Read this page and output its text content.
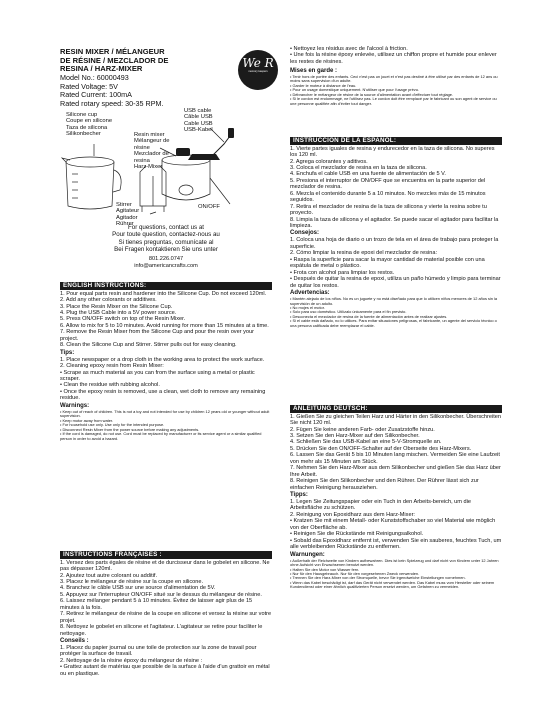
RESIN MIXER / MÉLANGEUR
DE RÉSINE / MEZCLADOR DE
RESINA / HARZ-MIXER
Model No.: 60000493
Rated Voltage: 5V
Rated Current: 100mA
Rated rotary speed: 30-35 RPM.
We R
memory keepers
Silicone cup
Coupe en silicone
Taza de silicona
Silikonbecher	Resin mixer
Mélangeur de
résine
Mezclador de
resina
Harz-Mixer
USB cable
Câble USB
Cable USB
USB-Kabel
Stirrer
Agitateur
Agitador
Rührer
ON/OFF

For questions, contact us at

Pour toute question, contactez-nous au

Si tienes preguntas, comunícate al

Bei Fragen kontaktieren Sie uns unter

801.226.0747

info@americancrafts.com

ENGLISH INSTRUCTIONS:

1. Pour equal parts resin and hardener into the Silicone Cup. Do not exceed 120ml.

2. Add any other colorants or additives.

3. Place the Resin Mixer on the Silicone Cup.

4. Plug the USB Cable into a 5V power source.

5. Press ON/OFF switch on top of the Resin Mixer.

6. Allow to mix for 5 to 10 minutes. Avoid running for more than 15 minutes at a time.

7. Remove the Resin Mixer from the Silicone Cup and pour the resin over your project.

8. Clean the Silicone Cup and Stirrer. Stirrer pulls out for easy cleaning.

Tips:

1. Place newspaper or a drop cloth in the working area to protect the work surface.

2. Cleaning epoxy resin from Resin Mixer:

• Scrape as much material as you can from the surface using a metal or plastic scraper.

• Clean the residue with rubbing alcohol.

• Once the epoxy resin is removed, use a clean, wet cloth to remove any remaining residue.

Warnings:

• Keep out of reach of children. This is not a toy and not intended for use by children 12 years old or younger without adult supervision.

• Keep motor away from water.

• For household use only. Use only for the intended purpose.

• Disconnect Resin Mixer from the power source before making any adjustments.

• If the cord is damaged, do not use. Cord must be replaced by manufacturer or its service agent or a similar qualified person in order to avoid a hazard.

INSTRUCTIONS FRANÇAISES :

1. Versez des parts égales de résine et de durcisseur dans le gobelet en silicone. Ne pas dépasser 120ml.

2. Ajoutez tout autre colorant ou additif.

3. Placez le mélangeur de résine sur la coupe en silicone.

4. Branchez le câble USB sur une source d'alimentation de 5V.

5. Appuyez sur l'interrupteur ON/OFF situé sur le dessus du mélangeur de résine.

6. Laissez mélanger pendant 5 à 10 minutes. Évitez de laisser agir plus de 15 minutes à la fois.

7. Retirez le mélangeur de résine de la coupe en silicone et versez la résine sur votre projet.

8. Nettoyez le gobelet en silicone et l'agitateur. L'agitateur se retire pour faciliter le nettoyage.

Conseils :

1. Placez du papier journal ou une toile de protection sur la zone de travail pour protéger la surface de travail.

2. Nettoyage de la résine époxy du mélangeur de résine :

• Grattez autant de matériau que possible de la surface à l'aide d'un grattoir en métal ou en plastique.

• Nettoyez les résidus avec de l'alcool à friction.

• Une fois la résine époxy enlevée, utilisez un chiffon propre et humide pour enlever les restes de résines.

Mises en garde :

• Tenir hors de portée des enfants. Ceci n'est pas un jouet et n'est pas destiné à être utilisé par des enfants de 12 ans ou moins sans supervision d'un adulte.

• Garder le moteur à distance de l'eau.

• Pour un usage domestique uniquement. N'utiliser que pour l'usage prévu.

• Débrancher le mélangeur de résine de la source d'alimentation avant d'effectuer tout réglage.

• Si le cordon est endommagé, ne l'utilisez pas. Le cordon doit être remplacé par le fabricant ou son agent de service ou une personne qualifiée afin d'éviter tout danger.

INSTRUCCIÓN DE LA ESPAÑOL:

1. Vierte partes iguales de resina y endurecedor en la taza de silicona. No superes los 120 ml.

2. Agrega colorantes y aditivos.

3. Coloca el mezclador de resina en la taza de silicona.

4. Enchufa el cable USB en una fuente de alimentación de 5 V.

5. Presiona el interruptor de ON/OFF que se encuentra en la parte superior del mezclador de resina.

6. Mezcla el contenido durante 5 a 10 minutos. No mezcles más de 15 minutos seguidos.

7. Retira el mezclador de resina de la taza de silicona y vierte la resina sobre tu proyecto.

8. Limpia la taza de silicona y el agitador. Se puede sacar el agitador para facilitar la limpieza.

Consejos:

1. Coloca una hoja de diario o un trozo de tela en el área de trabajo para proteger la superficie.

2. Cómo limpiar la resina de epoxi del mezclador de resina:

• Raspa la superficie para sacar la mayor cantidad de material posible con una espátula de metal o plástico.

• Frota con alcohol para limpiar los restos.

• Después de quitar la resina de epoxi, utiliza un paño húmedo y limpio para terminar de quitar los restos.

Advertencias:

• Mantén alejado de los niños. No es un juguete y no está diseñado para que lo utilicen niños menores de 12 años sin la supervisión de un adulto.

• No mojes el motor.

• Solo para uso doméstico. Utilízalo únicamente para el fin previsto.

• Desconecta el mezclador de resina de la fuente de alimentación antes de realizar ajustes.

• Si el cable está dañado, no lo utilices. Para evitar situaciones peligrosas, el fabricante, un agente del servicio técnico o una persona calificada debe reemplazar el cable.

ANLEITUNG DEUTSCH:

1. Gießen Sie zu gleichen Teilen Harz und Härter in den Silikonbecher. Überschreiten Sie nicht 120 ml.

2. Fügen Sie keine anderen Farb- oder Zusatzstoffe hinzu.

3. Setzen Sie den Harz-Mixer auf den Silikonbecher.

4. Schließen Sie das USB-Kabel an eine 5-V-Stromquelle an.

5. Drücken Sie den ON/OFF-Schalter auf der Oberseite des Harz-Mixers.

6. Lassen Sie das Gerät 5 bis 10 Minuten lang mischen. Vermeiden Sie eine Laufzeit von mehr als 15 Minuten am Stück.

7. Nehmen Sie den Harz-Mixer aus dem Silikonbecher und gießen Sie das Harz über Ihre Arbeit.

8. Reinigen Sie den Silikonbecher und den Rührer. Der Rührer lässt sich zur einfachen Reinigung herausziehen.

Tipps:

1. Legen Sie Zeitungspapier oder ein Tuch in den Arbeits-bereich, um die Arbeitsfläche zu schützen.

2. Reinigung von Epoxidharz aus dem Harz-Mixer:

• Kratzen Sie mit einem Metall- oder Kunststoffschaber so viel Material wie möglich von der Oberfläche ab.

• Reinigen Sie die Rückstände mit Reinigungsalkohol.

• Sobald das Epoxidharz entfernt ist, verwenden Sie ein sauberes, feuchtes Tuch, um alle verbleibenden Rückstände zu entfernen.

Warnungen:

• Außerhalb der Reichweite von Kindern aufbewahren. Dies ist kein Spielzeug und darf nicht von Kindern unter 12 Jahren ohne Aufsicht von Erwachsenen benutzt werden.

• Halten Sie den Motor von Wasser fern.

• Nur für den Hausgebrauch. Nur für den vorgesehenen Zweck verwenden.

• Trennen Sie den Harz-Mixer von der Stromquelle, bevor Sie irgendwelche Einstellungen vornehmen.

• Wenn das Kabel beschädigt ist, darf das Gerät nicht verwendet werden. Das Kabel muss vom Hersteller oder seinem Kundendienst oder einer ähnlich qualifizierten Person ersetzt werden, um Gefahren zu vermeiden.
